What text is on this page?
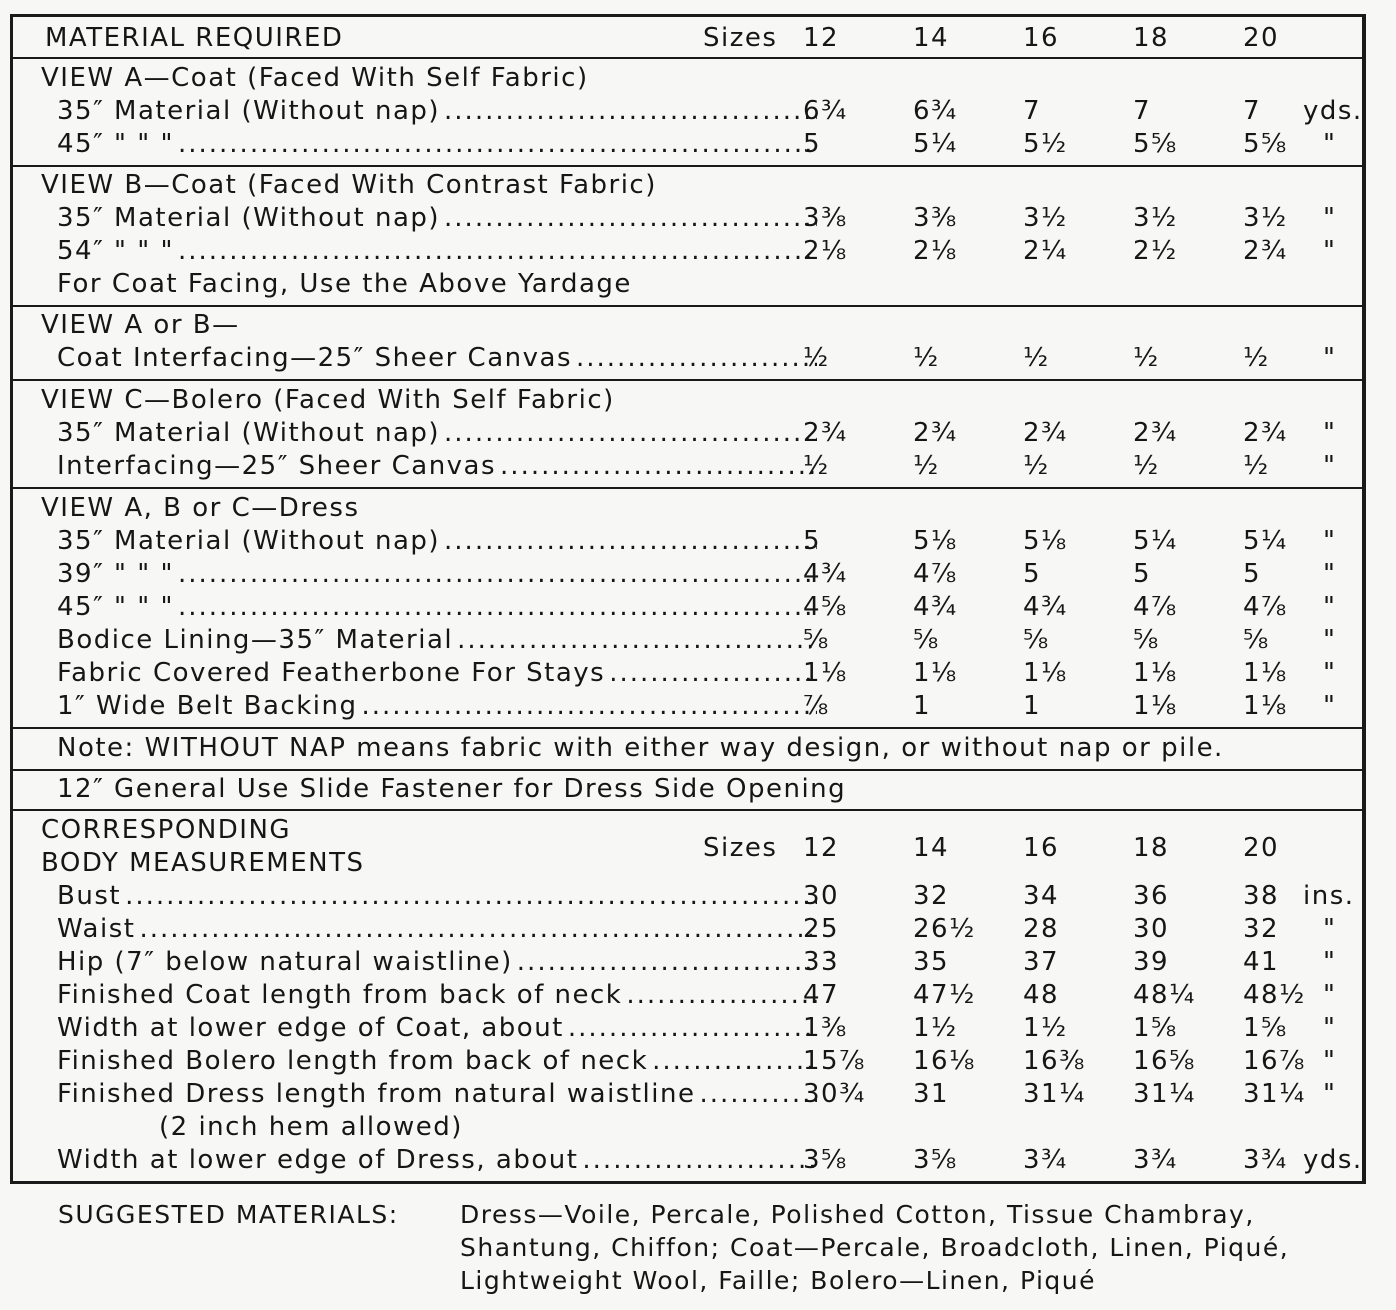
MATERIAL REQUIRED	Sizes 12	14	16	18	20
VIEW A—Coat (Faced With Self Fabric)
35″ Material (Without nap) .....	6¾	6¾	7	7	7 yds.
45″ " " " .....	5	5¼	5½	5⅝	5⅝ "
VIEW B—Coat (Faced With Contrast Fabric)
35″ Material (Without nap) .....	3⅜	3⅜	3½	3½	3½ "
54″ " " " .....	2⅛	2⅛	2¼	2½	2¾ "
For Coat Facing, Use the Above Yardage
VIEW A or B—
Coat Interfacing—25″ Sheer Canvas .....	½	½	½	½	½ "
VIEW C—Bolero (Faced With Self Fabric)
35″ Material (Without nap) .....	2¾	2¾	2¾	2¾	2¾ "
Interfacing—25″ Sheer Canvas .....	½	½	½	½	½ "
VIEW A, B or C—Dress
35″ Material (Without nap) .....	5	5⅛	5⅛	5¼	5¼ "
39″ " " " .....	4¾	4⅞	5	5	5 "
45″ " " " .....	4⅝	4¾	4¾	4⅞	4⅞ "
Bodice Lining—35″ Material .....	⅝	⅝	⅝	⅝	⅝ "
Fabric Covered Featherbone For Stays .....	1⅛	1⅛	1⅛	1⅛	1⅛ "
1″ Wide Belt Backing .....	⅞	1	1	1⅛	1⅛ "
Note: WITHOUT NAP means fabric with either way design, or without nap or pile.
12″ General Use Slide Fastener for Dress Side Opening
CORRESPONDING
Sizes 12	14	16	18	20
BODY MEASUREMENTS
Bust .....	30	32	34	36	38 ins.
Waist .....	25	26½ 28	30	32 "
Hip (7″ below natural waistline) .....	33	35	37	39	41 "
Finished Coat length from back of neck .....	47	47½ 48	48¼ 48½ "
Width at lower edge of Coat, about .....	1⅜	1½	1½	1⅝	1⅝ "
Finished Bolero length from back of neck .....	15⅞ 16⅛ 16⅜ 16⅝ 16⅞ "
Finished Dress length from natural waistline .....	30¾ 31	31¼ 31¼ 31¼ "
(2 inch hem allowed)
Width at lower edge of Dress, about .....	3⅝	3⅝	3¾	3¾	3¾ yds.
SUGGESTED MATERIALS: Dress—Voile, Percale, Polished Cotton, Tissue Chambray,
Shantung, Chiffon; Coat—Percale, Broadcloth, Linen, Piqué,
Lightweight Wool, Faille; Bolero—Linen, Piqué
